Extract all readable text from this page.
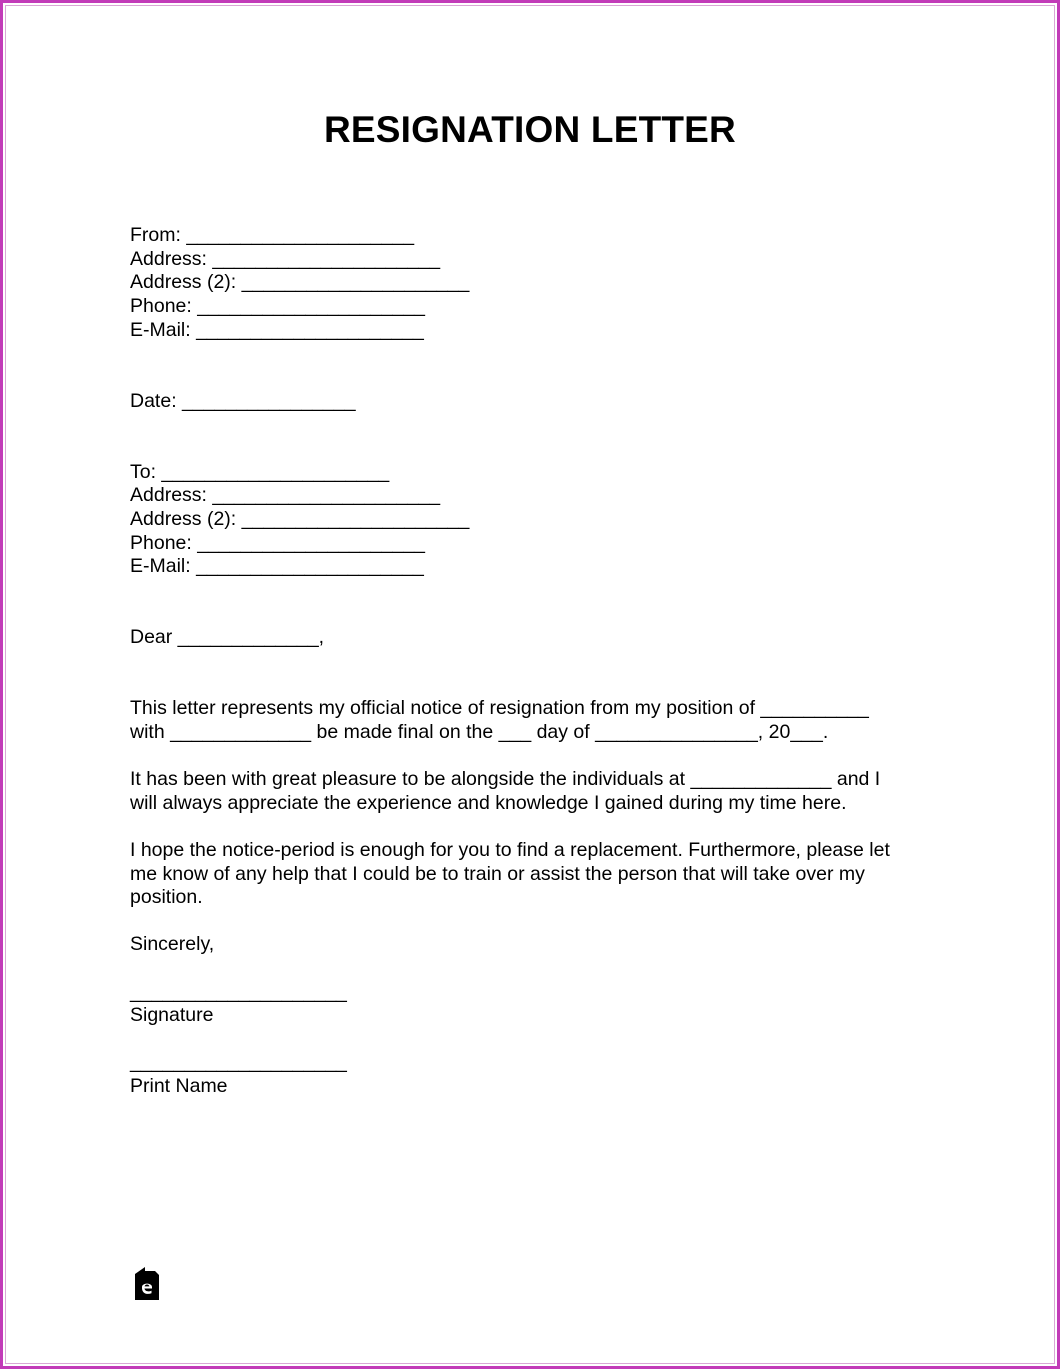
RESIGNATION LETTER
From: _____________________
Address: _____________________
Address (2): _____________________
Phone: _____________________
E-Mail: _____________________
Date: ________________
To: _____________________
Address: _____________________
Address (2): _____________________
Phone: _____________________
E-Mail: _____________________
Dear _____________,
This letter represents my official notice of resignation from my position of __________
with _____________ be made final on the ___ day of _______________, 20___.
It has been with great pleasure to be alongside the individuals at _____________ and I
will always appreciate the experience and knowledge I gained during my time here.
I hope the notice-period is enough for you to find a replacement. Furthermore, please let
me know of any help that I could be to train or assist the person that will take over my
position.
Sincerely,
____________________
Signature
____________________
Print Name
